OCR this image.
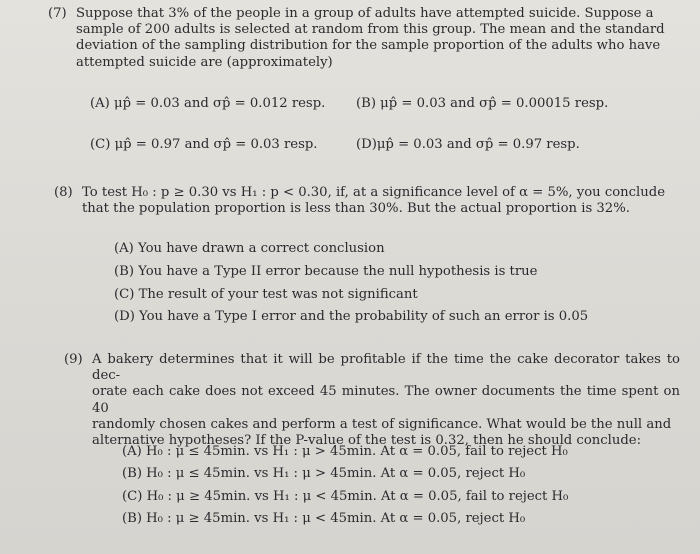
(7) Suppose that 3% of the people in a group of adults have attempted suicide. Suppose a

sample of 200 adults is selected at random from this group. The mean and the standard

deviation of the sampling distribution for the sample proportion of the adults who have

attempted suicide are (approximately)

(A) μp̂ = 0.03 and σp̂ = 0.012 resp. (B) μp̂ = 0.03 and σp̂ = 0.00015 resp.
(C) μp̂ = 0.97 and σp̂ = 0.03 resp.	(D)μp̂ = 0.03 and σp̂ = 0.97 resp.
(8) To test H₀ : p ≥ 0.30 vs H₁ : p < 0.30, if, at a significance level of α = 5%, you conclude

that the population proportion is less than 30%. But the actual proportion is 32%.

(A) You have drawn a correct conclusion
(B) You have a Type II error because the null hypothesis is true
(C) The result of your test was not significant
(D) You have a Type I error and the probability of such an error is 0.05
(9) A bakery determines that it will be profitable if the time the cake decorator takes to dec-

orate each cake does not exceed 45 minutes. The owner documents the time spent on 40

randomly chosen cakes and perform a test of significance. What would be the null and

alternative hypotheses? If the P-value of the test is 0.32, then he should conclude:

(A) H₀ : μ ≤ 45min. vs H₁ : μ > 45min. At α = 0.05, fail to reject H₀
(B) H₀ : μ ≤ 45min. vs H₁ : μ > 45min. At α = 0.05, reject H₀
(C) H₀ : μ ≥ 45min. vs H₁ : μ < 45min. At α = 0.05, fail to reject H₀
(B) H₀ : μ ≥ 45min. vs H₁ : μ < 45min. At α = 0.05, reject H₀
